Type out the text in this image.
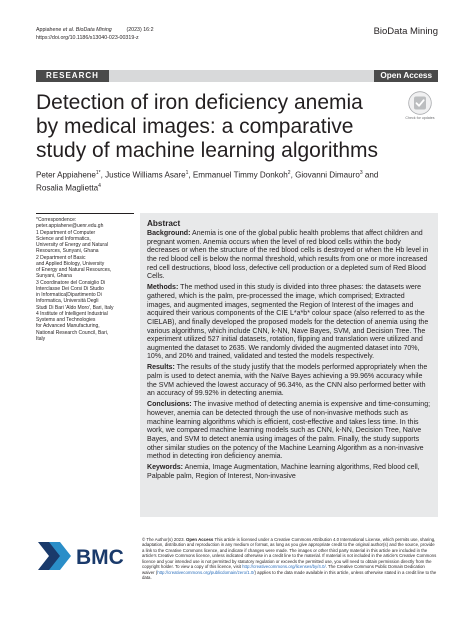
Appiahene et al. BioData Mining	(2023) 16:2
https://doi.org/10.1186/s13040-023-00319-z
BioData Mining
RESEARCH	Open Access
Detection of iron deficiency anemia by medical images: a comparative study of machine learning algorithms
Check for updates
Peter Appiahene$^{1*}$, Justice Williams Asare$^1$, Emmanuel Timmy Donkoh$^2$, Giovanni Dimauro$^3$ and
Rosalia Maglietta$^4$
*Correspondence:
peter.appiahene@uenr.edu.gh
1 Department of Computer
Science and Informatics,
University of Energy and Natural
Resources, Sunyani, Ghana
2 Department of Basic
and Applied Biology, University
of Energy and Natural Resources,
Sunyani, Ghana
3 Coordinatore del Consiglio Di
Interclasse Dei Corsi Di Studio
in Informatica|Dipartimento Di
Informatica, Università Degli
Studi Di Bari 'Aldo Moro', Bari, Italy
4 Institute of Intelligent Industrial
Systems and Technologies
for Advanced Manufacturing,
National Research Council, Bari,
Italy
Abstract

Background: Anemia is one of the global public health problems that affect children and pregnant women. Anemia occurs when the level of red blood cells within the body decreases or when the structure of the red blood cells is destroyed or when the Hb level in the red blood cell is below the normal threshold, which results from one or more increased red cell destructions, blood loss, defective cell production or a depleted sum of Red Blood Cells.

Methods: The method used in this study is divided into three phases: the datasets were gathered, which is the palm, pre-processed the image, which comprised; Extracted images, and augmented images, segmented the Region of Interest of the images and acquired their various components of the CIE L*a*b* colour space (also referred to as the CIELAB), and finally developed the proposed models for the detection of anemia using the various algorithms, which include CNN, k-NN, Nave Bayes, SVM, and Decision Tree. The experiment utilized 527 initial datasets, rotation, flipping and translation were utilized and augmented the dataset to 2635. We randomly divided the augmented dataset into 70%, 10%, and 20% and trained, validated and tested the models respectively.

Results: The results of the study justify that the models performed appropriately when the palm is used to detect anemia, with the Naïve Bayes achieving a 99.96% accuracy while the SVM achieved the lowest accuracy of 96.34%, as the CNN also performed better with an accuracy of 99.92% in detecting anemia.

Conclusions: The invasive method of detecting anemia is expensive and time-consuming; however, anemia can be detected through the use of non-invasive methods such as machine learning algorithms which is efficient, cost-effective and takes less time. In this work, we compared machine learning models such as CNN, k-NN, Decision Tree, Naïve Bayes, and SVM to detect anemia using images of the palm. Finally, the study supports other similar studies on the potency of the Machine Learning Algorithm as a non-invasive method in detecting iron deficiency anemia.

Keywords: Anemia, Image Augmentation, Machine learning algorithms, Red blood cell, Palpable palm, Region of Interest, Non-invasive

BMC
© The Author(s) 2023. Open Access This article is licensed under a Creative Commons Attribution 4.0 International License, which permits use, sharing, adaptation, distribution and reproduction in any medium or format, as long as you give appropriate credit to the original author(s) and the source, provide a link to the Creative Commons licence, and indicate if changes were made. The images or other third party material in this article are included in the article's Creative Commons licence, unless indicated otherwise in a credit line to the material. If material is not included in the article's Creative Commons licence and your intended use is not permitted by statutory regulation or exceeds the permitted use, you will need to obtain permission directly from the copyright holder. To view a copy of this licence, visit http://creativecommons.org/licenses/by/4.0/. The Creative Commons Public Domain Dedication waiver (http://creativecommons.org/publicdomain/zero/1.0/) applies to the data made available in this article, unless otherwise stated in a credit line to the data.
